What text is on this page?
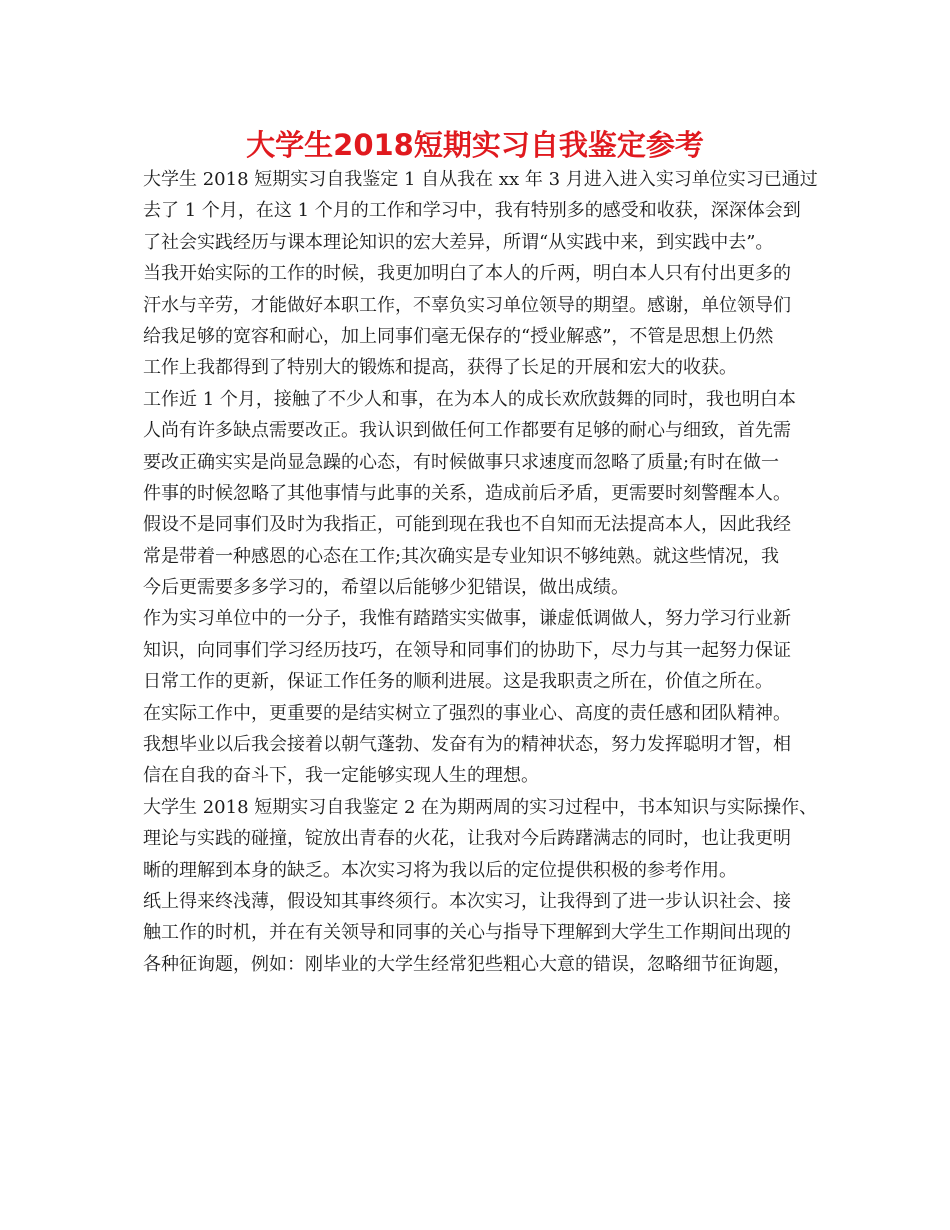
大学生2018短期实习自我鉴定参考
大学生 2018 短期实习自我鉴定 1 自从我在 xx 年 3 月进入进入实习单位实习已通过
去了 1 个月，在这 1 个月的工作和学习中，我有特别多的感受和收获，深深体会到
了社会实践经历与课本理论知识的宏大差异，所谓“从实践中来，到实践中去”。
当我开始实际的工作的时候，我更加明白了本人的斤两，明白本人只有付出更多的
汗水与辛劳，才能做好本职工作，不辜负实习单位领导的期望。感谢，单位领导们
给我足够的宽容和耐心，加上同事们毫无保存的“授业解惑”，不管是思想上仍然
工作上我都得到了特别大的锻炼和提高，获得了长足的开展和宏大的收获。
工作近 1 个月，接触了不少人和事，在为本人的成长欢欣鼓舞的同时，我也明白本
人尚有许多缺点需要改正。我认识到做任何工作都要有足够的耐心与细致，首先需
要改正确实实是尚显急躁的心态，有时候做事只求速度而忽略了质量;有时在做一
件事的时候忽略了其他事情与此事的关系，造成前后矛盾，更需要时刻警醒本人。
假设不是同事们及时为我指正，可能到现在我也不自知而无法提高本人，因此我经
常是带着一种感恩的心态在工作;其次确实是专业知识不够纯熟。就这些情况，我
今后更需要多多学习的，希望以后能够少犯错误，做出成绩。
作为实习单位中的一分子，我惟有踏踏实实做事，谦虚低调做人，努力学习行业新
知识，向同事们学习经历技巧，在领导和同事们的协助下，尽力与其一起努力保证
日常工作的更新，保证工作任务的顺利进展。这是我职责之所在，价值之所在。
在实际工作中，更重要的是结实树立了强烈的事业心、高度的责任感和团队精神。
我想毕业以后我会接着以朝气蓬勃、发奋有为的精神状态，努力发挥聪明才智，相
信在自我的奋斗下，我一定能够实现人生的理想。
大学生 2018 短期实习自我鉴定 2 在为期两周的实习过程中，书本知识与实际操作、
理论与实践的碰撞，锭放出青春的火花，让我对今后踌躇满志的同时，也让我更明
晰的理解到本身的缺乏。本次实习将为我以后的定位提供积极的参考作用。
纸上得来终浅薄，假设知其事终须行。本次实习，让我得到了进一步认识社会、接
触工作的时机，并在有关领导和同事的关心与指导下理解到大学生工作期间出现的
各种征询题，例如：刚毕业的大学生经常犯些粗心大意的错误，忽略细节征询题，
